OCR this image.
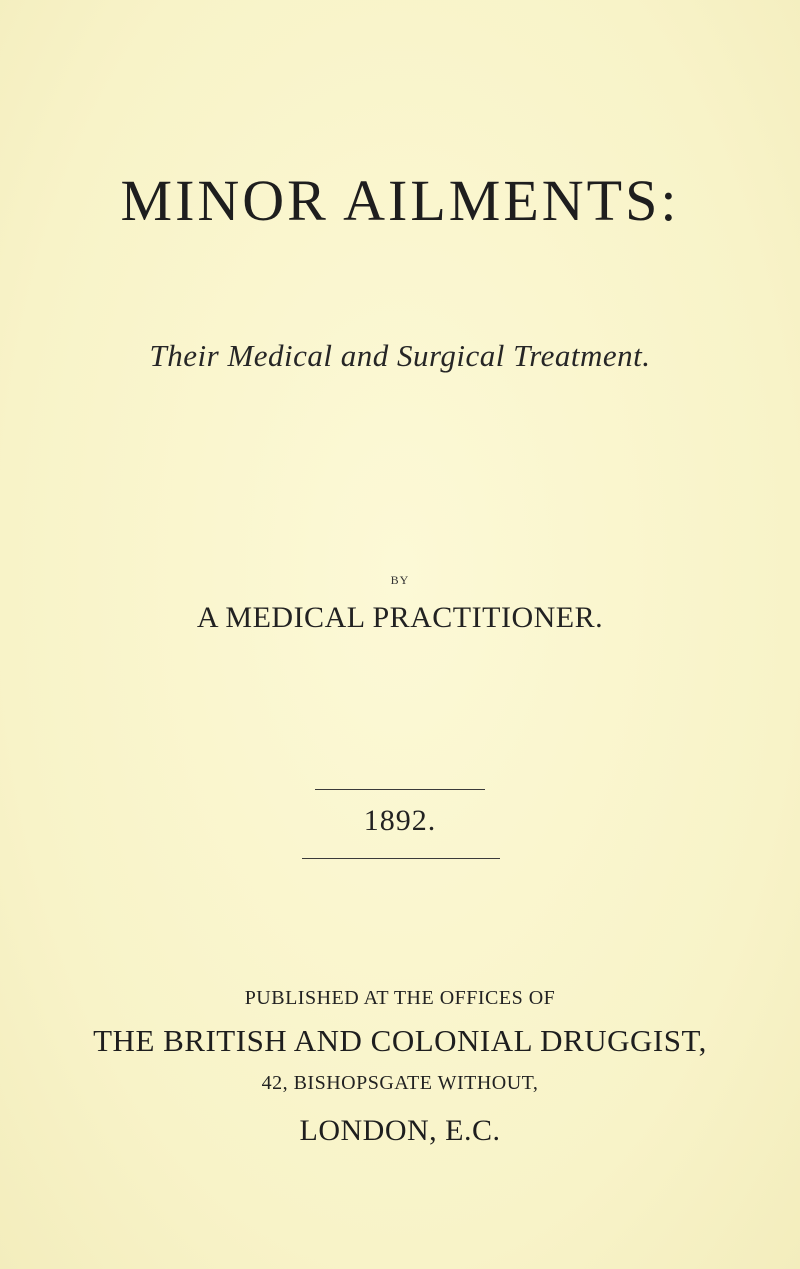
MINOR AILMENTS:
Their Medical and Surgical Treatment.
BY
A MEDICAL PRACTITIONER.
1892.
PUBLISHED AT THE OFFICES OF
THE BRITISH AND COLONIAL DRUGGIST,
42, BISHOPSGATE WITHOUT,
LONDON, E.C.
